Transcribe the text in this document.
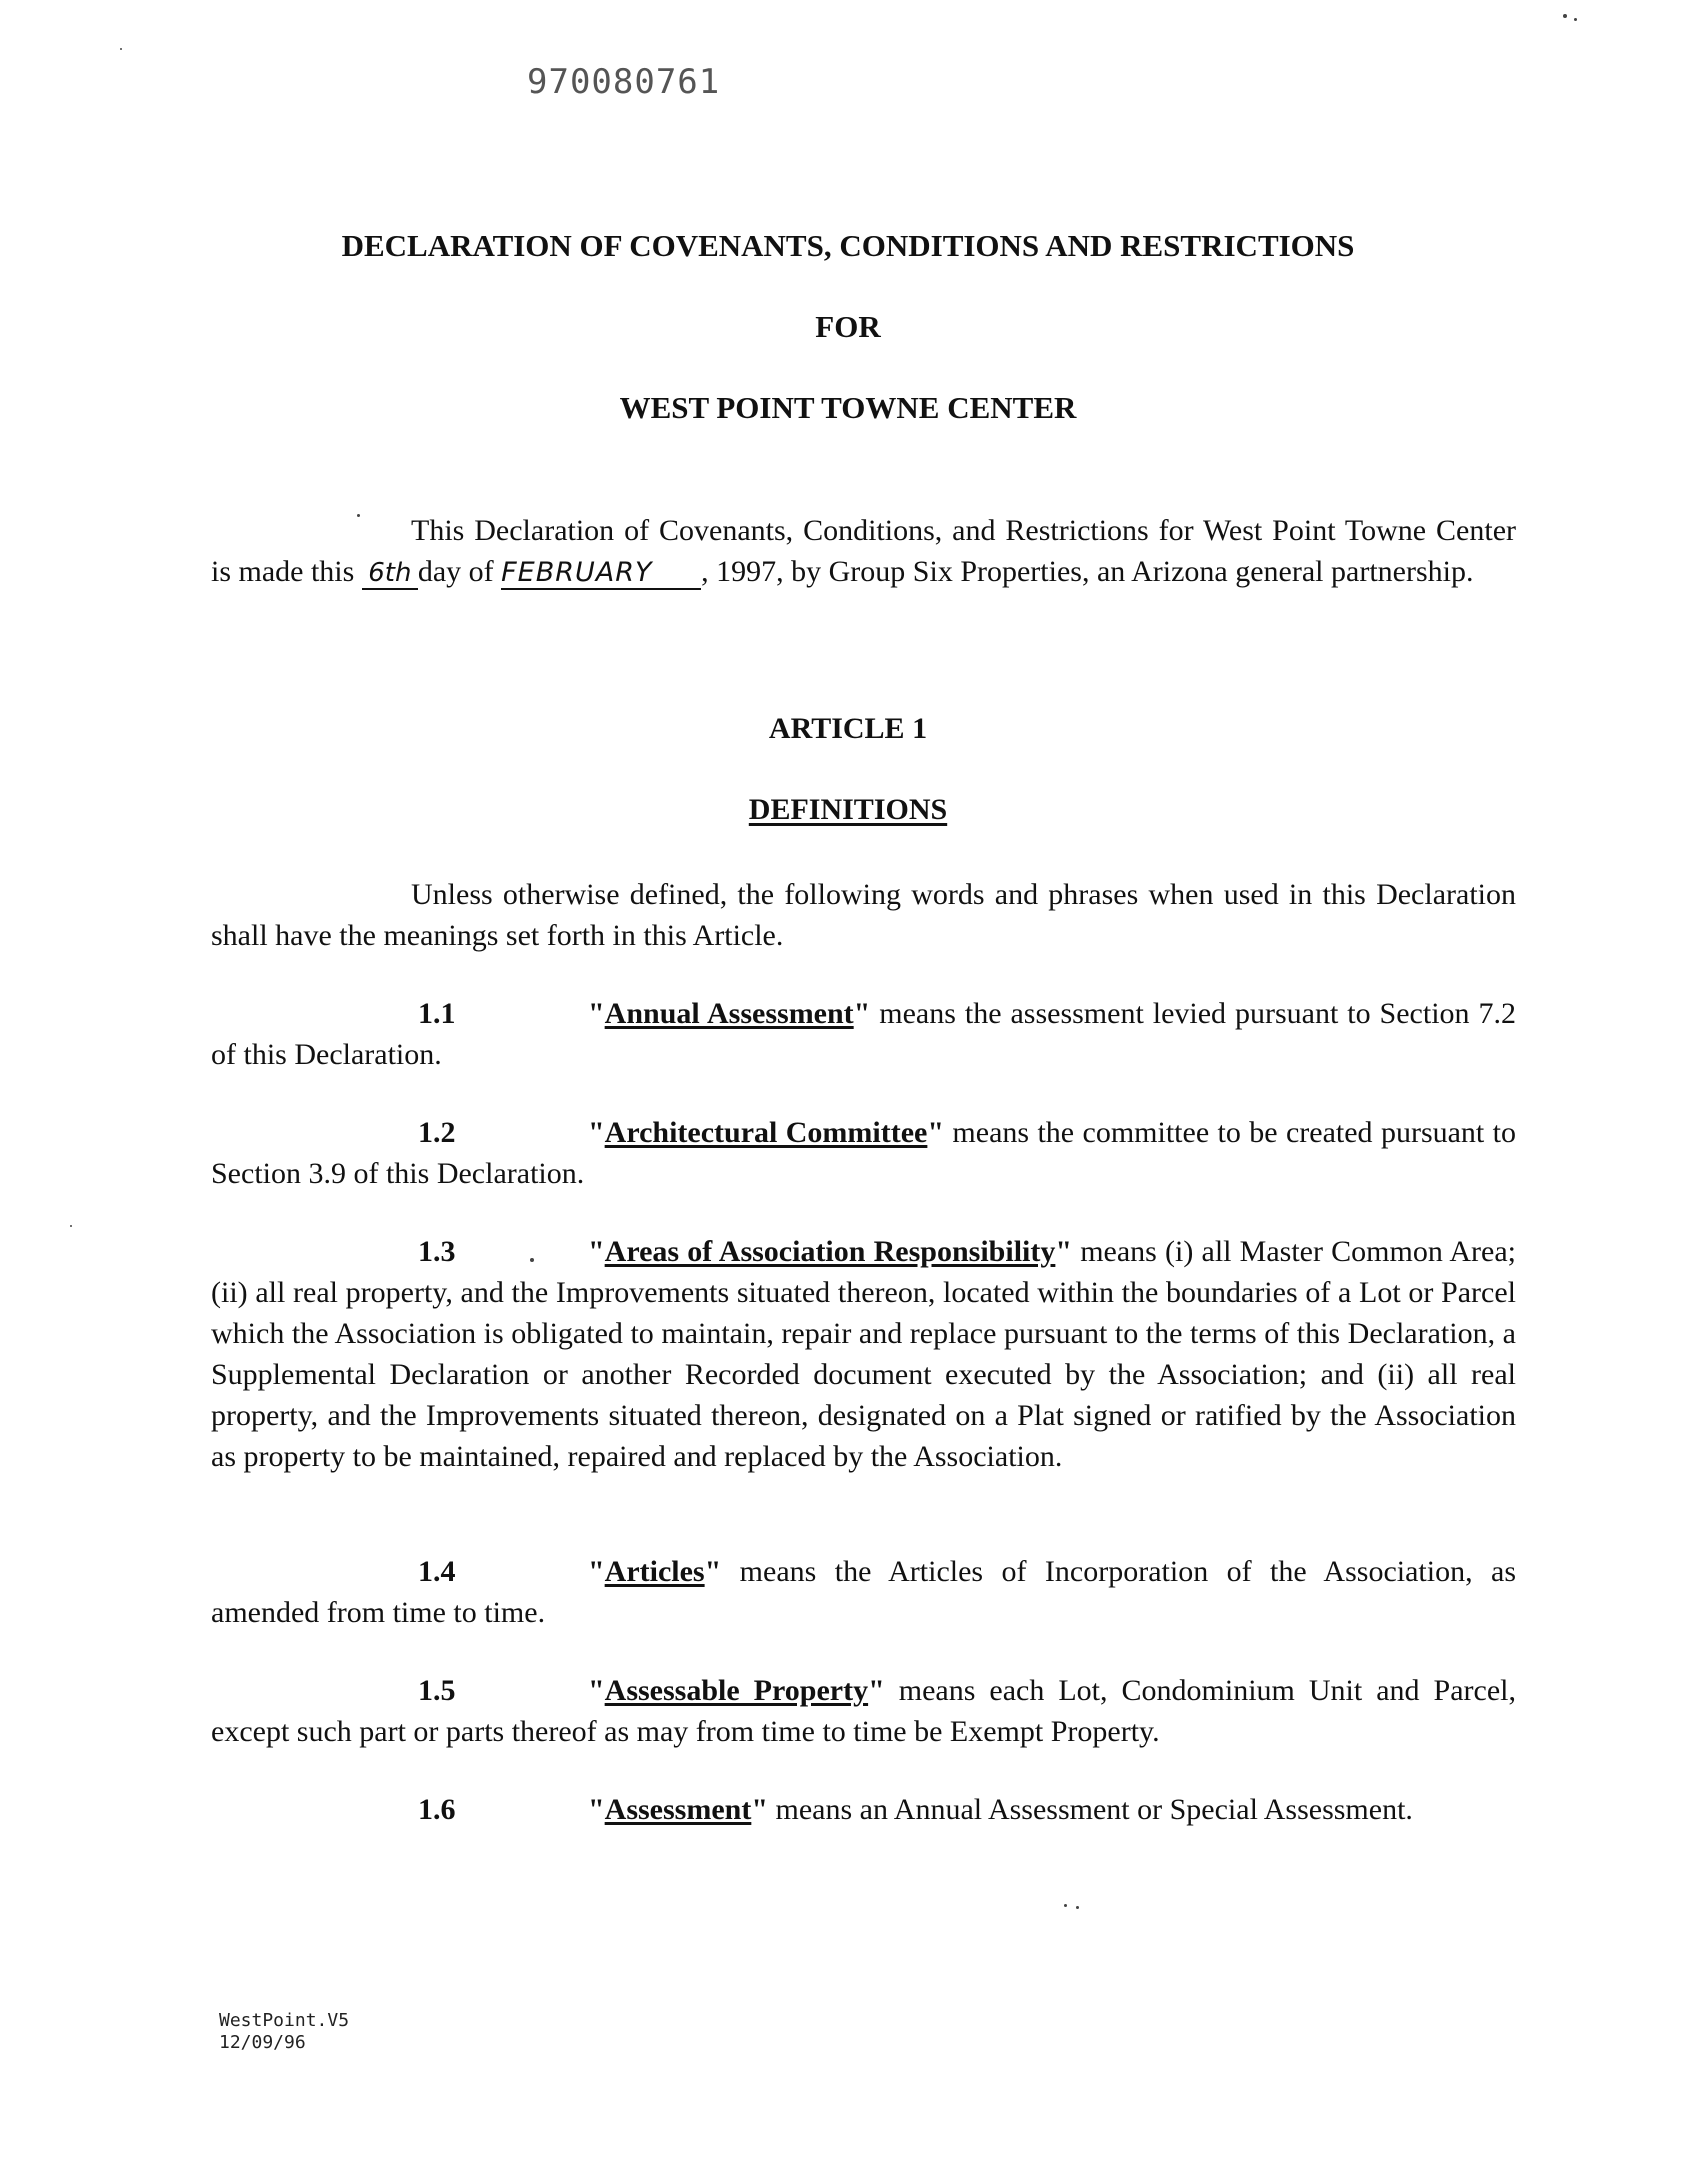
970080761
DECLARATION OF COVENANTS, CONDITIONS AND RESTRICTIONS
FOR
WEST POINT TOWNE CENTER
This Declaration of Covenants, Conditions, and Restrictions for West Point Towne Center is made this 6th day of FEBRUARY , 1997, by Group Six Properties, an Arizona general partnership.
ARTICLE 1
DEFINITIONS
Unless otherwise defined, the following words and phrases when used in this Declaration shall have the meanings set forth in this Article.
1.1	"Annual Assessment" means the assessment levied pursuant to Section 7.2 of this Declaration.
1.2	"Architectural Committee" means the committee to be created pursuant to Section 3.9 of this Declaration.
1.3	"Areas of Association Responsibility" means (i) all Master Common Area; (ii) all real property, and the Improvements situated thereon, located within the boundaries of a Lot or Parcel which the Association is obligated to maintain, repair and replace pursuant to the terms of this Declaration, a Supplemental Declaration or another Recorded document executed by the Association; and (ii) all real property, and the Improvements situated thereon, designated on a Plat signed or ratified by the Association as property to be maintained, repaired and replaced by the Association.
1.4	"Articles" means the Articles of Incorporation of the Association, as amended from time to time.
1.5	"Assessable Property" means each Lot, Condominium Unit and Parcel, except such part or parts thereof as may from time to time be Exempt Property.
1.6	"Assessment" means an Annual Assessment or Special Assessment.
WestPoint.V5
12/09/96
